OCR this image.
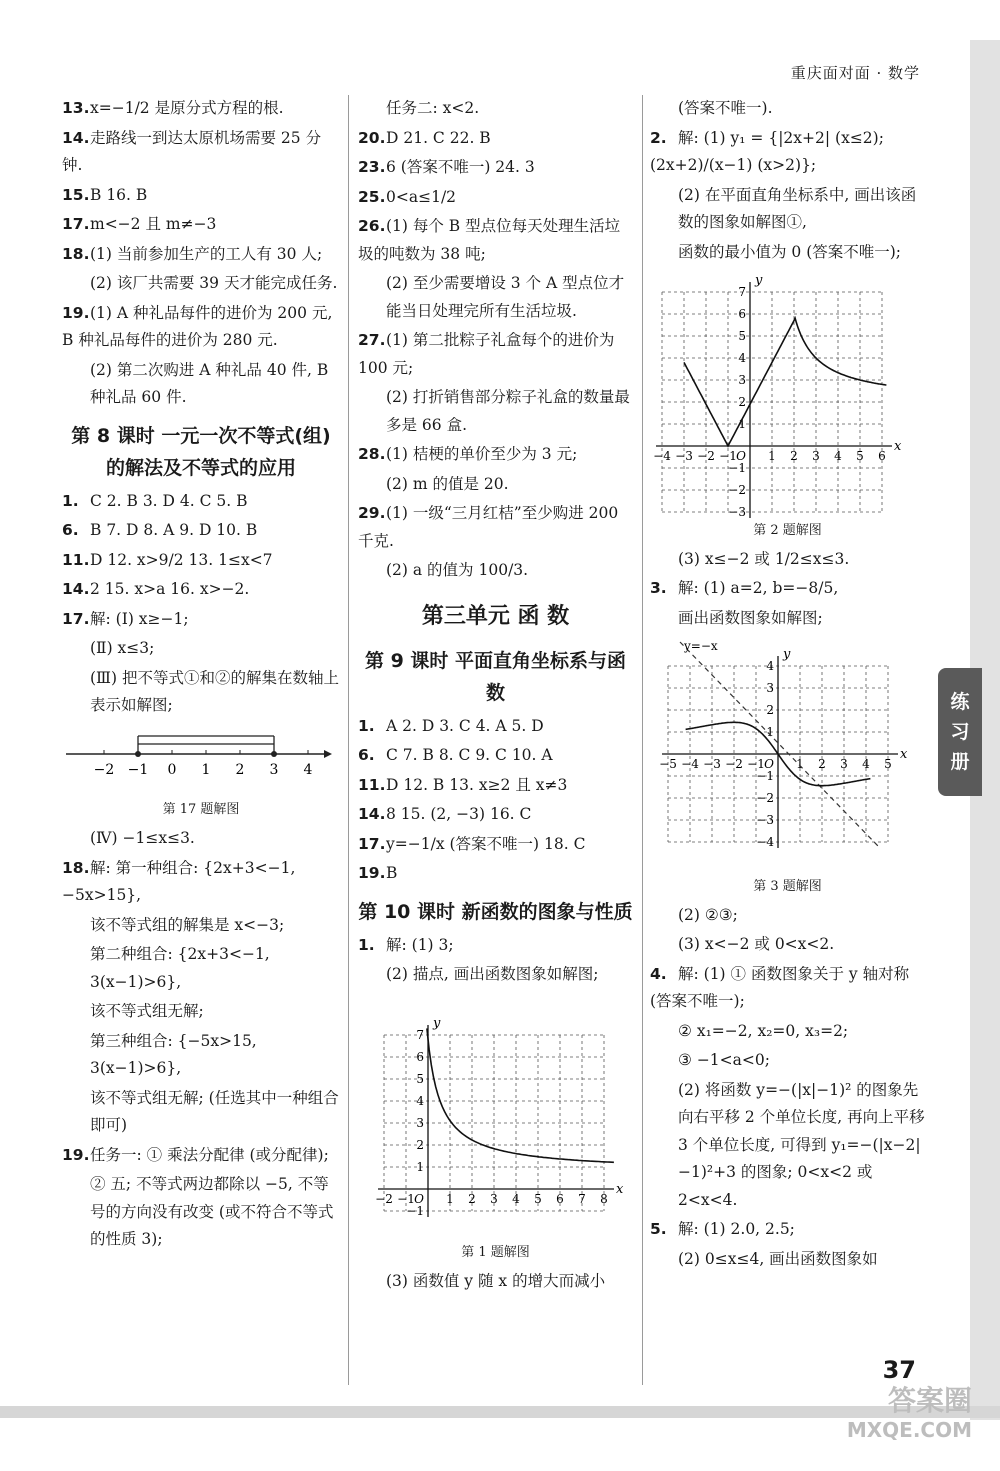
重庆面对面 · 数学
13.x=−1/2 是原分式方程的根.
14.走路线一到达太原机场需要 25 分钟.
15.B 16. B
17.m<−2 且 m≠−3
18.(1) 当前参加生产的工人有 30 人;
(2) 该厂共需要 39 天才能完成任务.
19.(1) A 种礼品每件的进价为 200 元, B 种礼品每件的进价为 280 元.
(2) 第二次购进 A 种礼品 40 件, B 种礼品 60 件.
第 8 课时 一元一次不等式(组)的解法及不等式的应用
1. C 2. B 3. D 4. C 5. B
6. B 7. D 8. A 9. D 10. B
11.D 12. x>9/2 13. 1≤x<7
14.2 15. x>a 16. x>−2.
17.解: (Ⅰ) x≥−1;
(Ⅱ) x≤3;
(Ⅲ) 把不等式①和②的解集在数轴上表示如解图;
−2 −1 0 1 2 3 4
第 17 题解图
(Ⅳ) −1≤x≤3.
18.解: 第一种组合: {2x+3<−1, −5x>15},
该不等式组的解集是 x<−3;
第二种组合: {2x+3<−1, 3(x−1)>6},
该不等式组无解;
第三种组合: {−5x>15, 3(x−1)>6},
该不等式组无解; (任选其中一种组合即可)
19.任务一: ① 乘法分配律 (或分配律);
② 五; 不等式两边都除以 −5, 不等号的方向没有改变 (或不符合不等式的性质 3);
任务二: x<2.
20.D 21. C 22. B
23.6 (答案不唯一) 24. 3
25.0<a≤1/2
26.(1) 每个 B 型点位每天处理生活垃圾的吨数为 38 吨;
(2) 至少需要增设 3 个 A 型点位才能当日处理完所有生活垃圾.
27.(1) 第二批粽子礼盒每个的进价为 100 元;
(2) 打折销售部分粽子礼盒的数量最多是 66 盒.
28.(1) 桔梗的单价至少为 3 元;
(2) m 的值是 20.
29.(1) 一级“三月红桔”至少购进 200 千克.
(2) a 的值为 100/3.
第三单元 函 数
第 9 课时 平面直角坐标系与函数
1. A 2. D 3. C 4. A 5. D
6. C 7. B 8. C 9. C 10. A
11.D 12. B 13. x≥2 且 x≠3
14.8 15. (2, −3) 16. C
17.y=−1/x (答案不唯一) 18. C
19.B
第 10 课时 新函数的图象与性质
1. 解: (1) 3;
(2) 描点, 画出函数图象如解图;
x
y
−2 −1	1 2 3 4 5 6 7 8
−1
1
2
3
4
5
6
7
O
第 1 题解图
(3) 函数值 y 随 x 的增大而减小
(答案不唯一).
2. 解: (1) y₁ = {|2x+2| (x≤2); (2x+2)/(x−1) (x>2)};
(2) 在平面直角坐标系中, 画出该函数的图象如解图①,
函数的最小值为 0 (答案不唯一);
x
y
−4 −3 −2 −1	1 2 3 4 5 6
−3
−2
−1
1
2
3
4
5
6
7
O
第 2 题解图
(3) x≤−2 或 1/2≤x≤3.
3. 解: (1) a=2, b=−8/5,
画出函数图象如解图;
x
y
−5 −4 −3 −2 −1	1 2 3 4 5
−4
−3
−2
−1
1
2
3
4
O
y=−x
第 3 题解图
(2) ②③;
(3) x<−2 或 0<x<2.
4. 解: (1) ① 函数图象关于 y 轴对称 (答案不唯一);
② x₁=−2, x₂=0, x₃=2;
③ −1<a<0;
(2) 将函数 y=−(|x|−1)² 的图象先向右平移 2 个单位长度, 再向上平移 3 个单位长度, 可得到 y₁=−(|x−2|−1)²+3 的图象; 0<x<2 或 2<x<4.
5. 解: (1) 2.0, 2.5;
(2) 0≤x≤4, 画出函数图象如
练
习
册
37
答案圈
MXQE.COM
